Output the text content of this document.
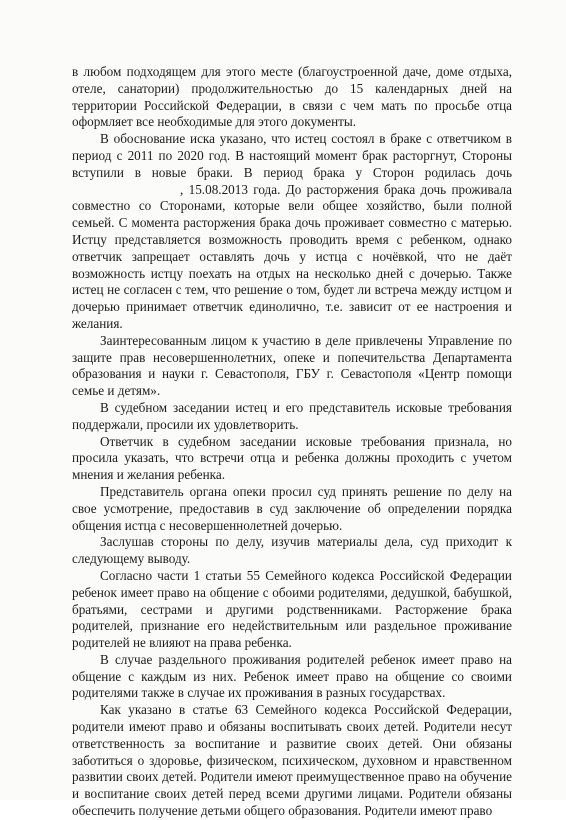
в любом подходящем для этого месте (благоустроенной даче, доме отдыха, отеле, санатории) продолжительностью до 15 календарных дней на территории Российской Федерации, в связи с чем мать по просьбе отца оформляет все необходимые для этого документы.

В обоснование иска указано, что истец состоял в браке с ответчиком в период с 2011 по 2020 год. В настоящий момент брак расторгнут, Стороны вступили в новые браки. В период брака у Сторон родилась дочь, 15.08.2013 года. До расторжения брака дочь проживала совместно со Сторонами, которые вели общее хозяйство, были полной семьей. С момента расторжения брака дочь проживает совместно с матерью. Истцу представляется возможность проводить время с ребенком, однако ответчик запрещает оставлять дочь у истца с ночёвкой, что не даёт возможность истцу поехать на отдых на несколько дней с дочерью. Также истец не согласен с тем, что решение о том, будет ли встреча между истцом и дочерью принимает ответчик единолично, т.е. зависит от ее настроения и желания.

Заинтересованным лицом к участию в деле привлечены Управление по защите прав несовершеннолетних, опеке и попечительства Департамента образования и науки г. Севастополя, ГБУ г. Севастополя «Центр помощи семье и детям».

В судебном заседании истец и его представитель исковые требования поддержали, просили их удовлетворить.

Ответчик в судебном заседании исковые требования признала, но просила указать, что встречи отца и ребенка должны проходить с учетом мнения и желания ребенка.

Представитель органа опеки просил суд принять решение по делу на свое усмотрение, предоставив в суд заключение об определении порядка общения истца с несовершеннолетней дочерью.

Заслушав стороны по делу, изучив материалы дела, суд приходит к следующему выводу.

Согласно части 1 статьи 55 Семейного кодекса Российской Федерации ребенок имеет право на общение с обоими родителями, дедушкой, бабушкой, братьями, сестрами и другими родственниками. Расторжение брака родителей, признание его недействительным или раздельное проживание родителей не влияют на права ребенка.

В случае раздельного проживания родителей ребенок имеет право на общение с каждым из них. Ребенок имеет право на общение со своими родителями также в случае их проживания в разных государствах.

Как указано в статье 63 Семейного кодекса Российской Федерации, родители имеют право и обязаны воспитывать своих детей. Родители несут ответственность за воспитание и развитие своих детей. Они обязаны заботиться о здоровье, физическом, психическом, духовном и нравственном развитии своих детей. Родители имеют преимущественное право на обучение и воспитание своих детей перед всеми другими лицами. Родители обязаны обеспечить получение детьми общего образования. Родители имеют право
